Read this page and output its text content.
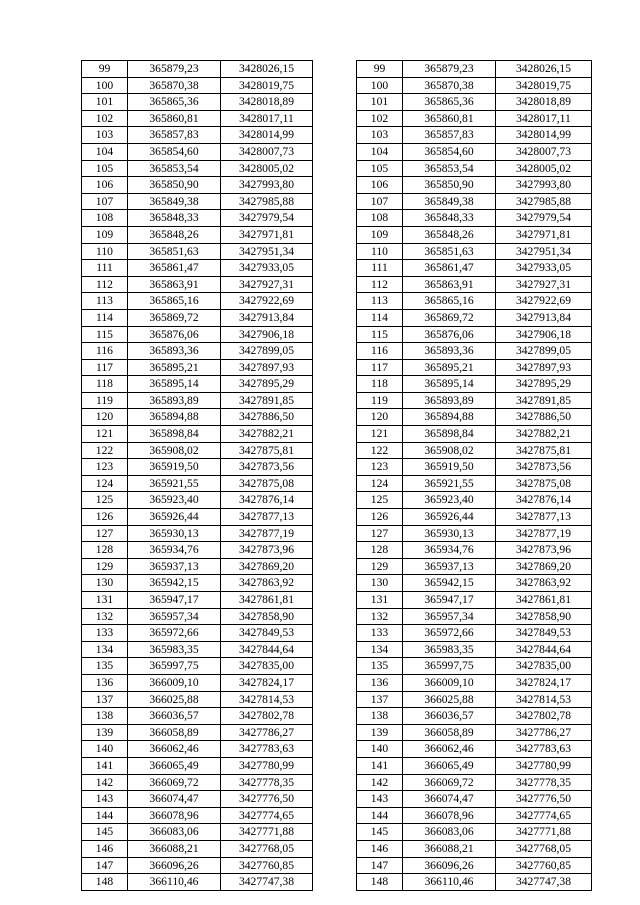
99	365879,23	3428026,15		99	365879,23	3428026,15
100	365870,38	3428019,75		100	365870,38	3428019,75
101	365865,36	3428018,89		101	365865,36	3428018,89
102	365860,81	3428017,11		102	365860,81	3428017,11
103	365857,83	3428014,99		103	365857,83	3428014,99
104	365854,60	3428007,73		104	365854,60	3428007,73
105	365853,54	3428005,02		105	365853,54	3428005,02
106	365850,90	3427993,80		106	365850,90	3427993,80
107	365849,38	3427985,88		107	365849,38	3427985,88
108	365848,33	3427979,54		108	365848,33	3427979,54
109	365848,26	3427971,81		109	365848,26	3427971,81
110	365851,63	3427951,34		110	365851,63	3427951,34
111	365861,47	3427933,05		111	365861,47	3427933,05
112	365863,91	3427927,31		112	365863,91	3427927,31
113	365865,16	3427922,69		113	365865,16	3427922,69
114	365869,72	3427913,84		114	365869,72	3427913,84
115	365876,06	3427906,18		115	365876,06	3427906,18
116	365893,36	3427899,05		116	365893,36	3427899,05
117	365895,21	3427897,93		117	365895,21	3427897,93
118	365895,14	3427895,29		118	365895,14	3427895,29
119	365893,89	3427891,85		119	365893,89	3427891,85
120	365894,88	3427886,50		120	365894,88	3427886,50
121	365898,84	3427882,21		121	365898,84	3427882,21
122	365908,02	3427875,81		122	365908,02	3427875,81
123	365919,50	3427873,56		123	365919,50	3427873,56
124	365921,55	3427875,08		124	365921,55	3427875,08
125	365923,40	3427876,14		125	365923,40	3427876,14
126	365926,44	3427877,13		126	365926,44	3427877,13
127	365930,13	3427877,19		127	365930,13	3427877,19
128	365934,76	3427873,96		128	365934,76	3427873,96
129	365937,13	3427869,20		129	365937,13	3427869,20
130	365942,15	3427863,92		130	365942,15	3427863,92
131	365947,17	3427861,81		131	365947,17	3427861,81
132	365957,34	3427858,90		132	365957,34	3427858,90
133	365972,66	3427849,53		133	365972,66	3427849,53
134	365983,35	3427844,64		134	365983,35	3427844,64
135	365997,75	3427835,00		135	365997,75	3427835,00
136	366009,10	3427824,17		136	366009,10	3427824,17
137	366025,88	3427814,53		137	366025,88	3427814,53
138	366036,57	3427802,78		138	366036,57	3427802,78
139	366058,89	3427786,27		139	366058,89	3427786,27
140	366062,46	3427783,63		140	366062,46	3427783,63
141	366065,49	3427780,99		141	366065,49	3427780,99
142	366069,72	3427778,35		142	366069,72	3427778,35
143	366074,47	3427776,50		143	366074,47	3427776,50
144	366078,96	3427774,65		144	366078,96	3427774,65
145	366083,06	3427771,88		145	366083,06	3427771,88
146	366088,21	3427768,05		146	366088,21	3427768,05
147	366096,26	3427760,85		147	366096,26	3427760,85
148	366110,46	3427747,38		148	366110,46	3427747,38
